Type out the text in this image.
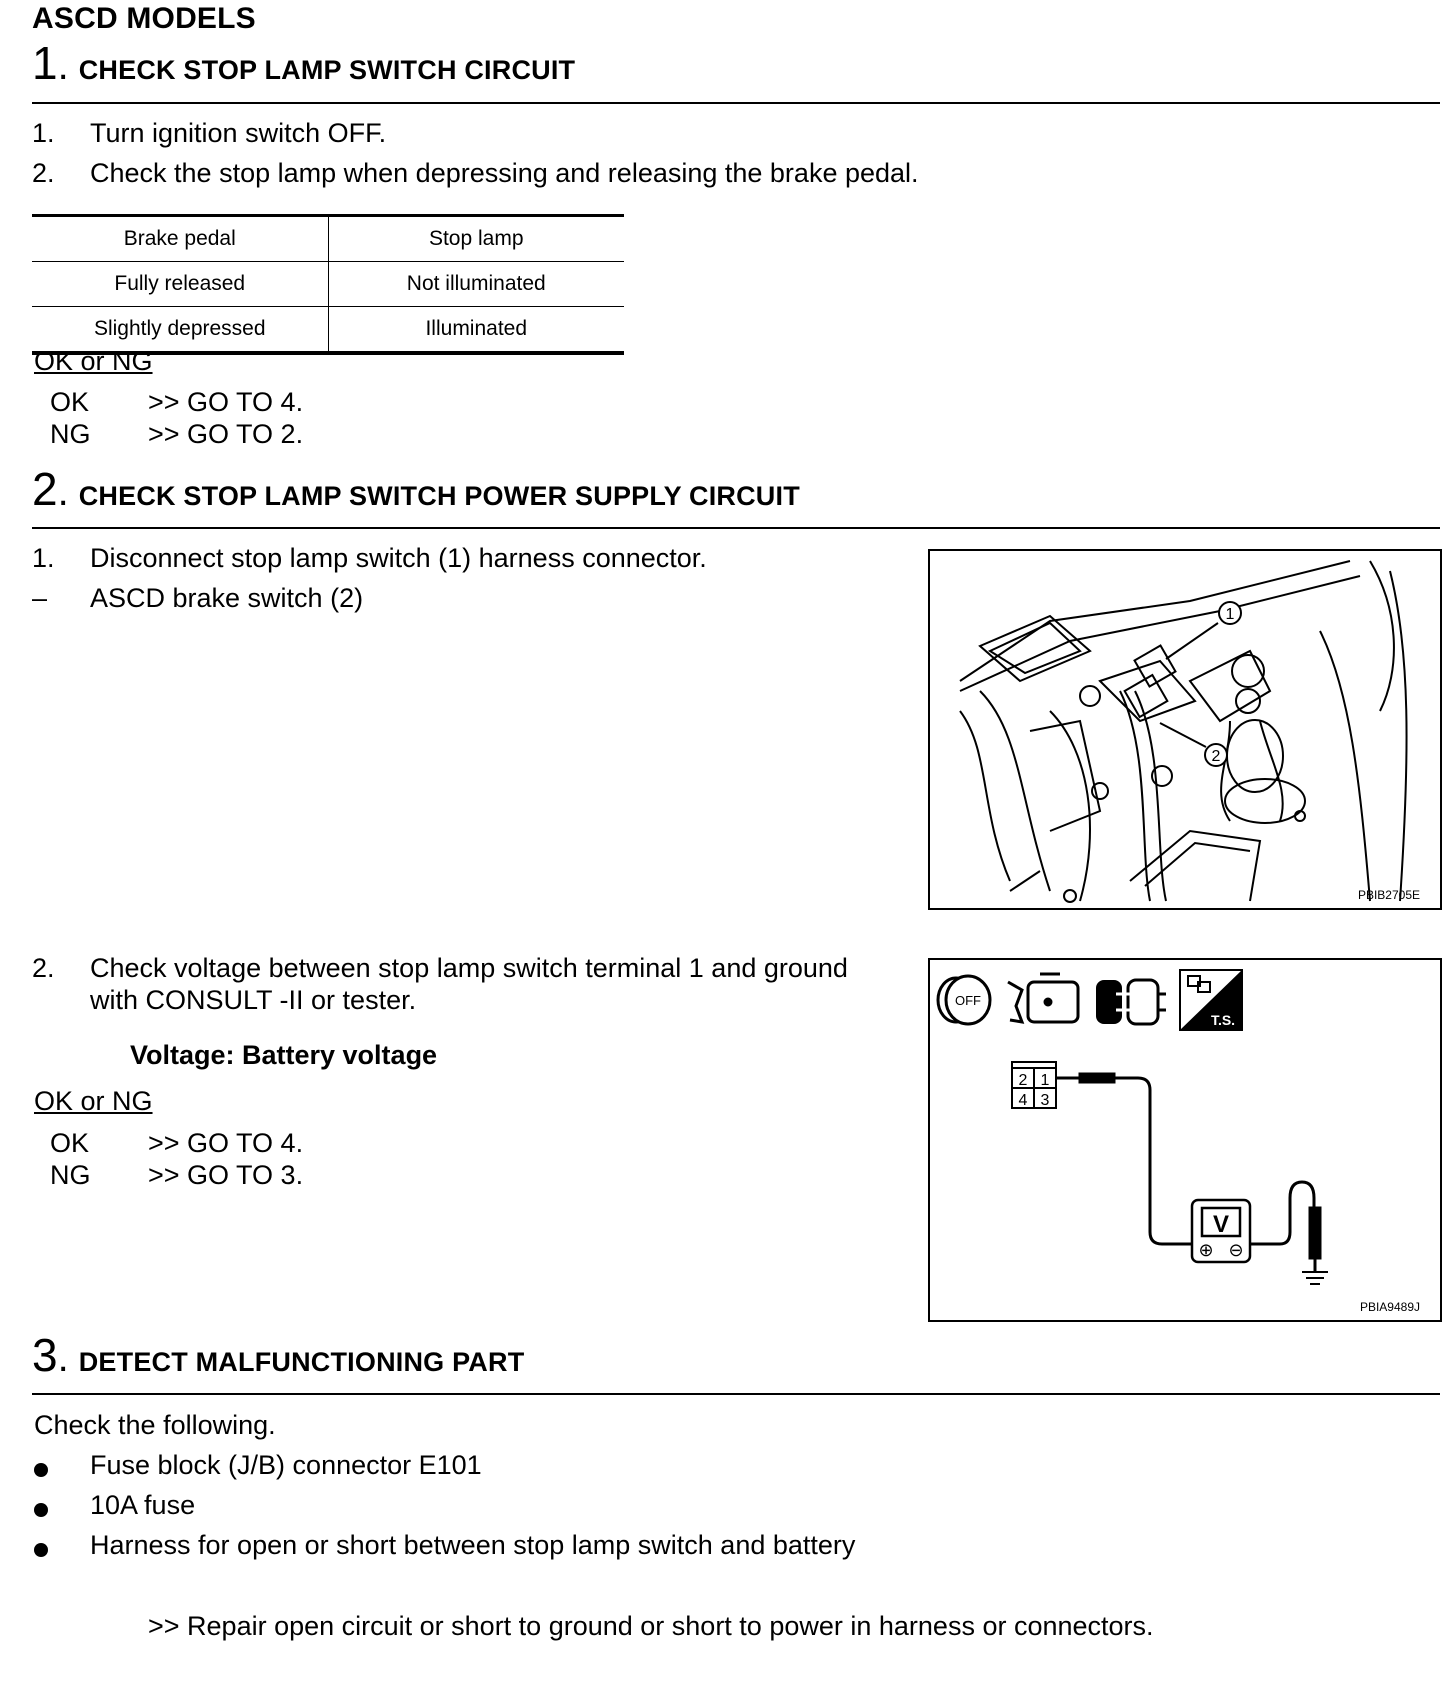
ASCD MODELS
1 . CHECK STOP LAMP SWITCH CIRCUIT
1. Turn ignition switch OFF.
2. Check the stop lamp when depressing and releasing the brake pedal.
Brake pedal	Stop lamp
Fully released	Not illuminated
Slightly depressed	Illuminated
OK or NG
OK >> GO TO 4.
NG >> GO TO 2.
2 . CHECK STOP LAMP SWITCH POWER SUPPLY CIRCUIT
1. Disconnect stop lamp switch (1) harness connector.
– ASCD brake switch (2)
1
2
PBIB2705E
2. Check voltage between stop lamp switch terminal 1 and ground
with CONSULT -II or tester.
Voltage: Battery voltage
OK or NG
OK >> GO TO 4.
NG >> GO TO 3.
OFF
T.S.
2 1
4 3
V
⊕ ⊖
PBIA9489J
3 . DETECT MALFUNCTIONING PART
Check the following.
Fuse block (J/B) connector E101
10A fuse
Harness for open or short between stop lamp switch and battery
>> Repair open circuit or short to ground or short to power in harness or connectors.
